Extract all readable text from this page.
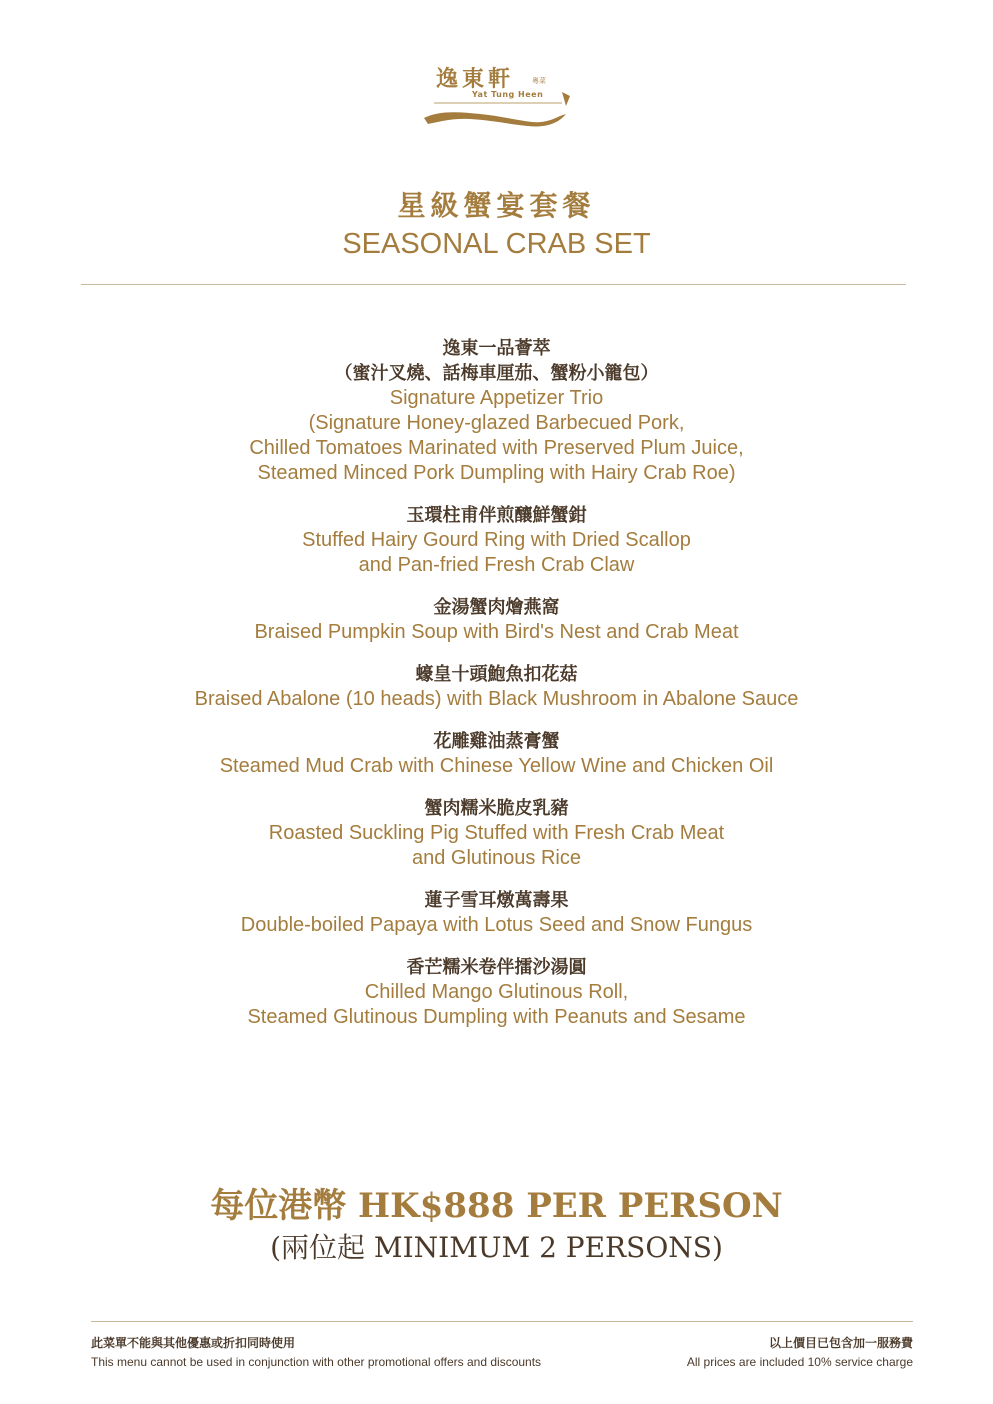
逸東軒	粵菜
Yat Tung Heen
星級蟹宴套餐
SEASONAL CRAB SET
逸東一品薈萃
（蜜汁叉燒、話梅車厘茄、蟹粉小籠包）
Signature Appetizer Trio
(Signature Honey-glazed Barbecued Pork,
Chilled Tomatoes Marinated with Preserved Plum Juice,
Steamed Minced Pork Dumpling with Hairy Crab Roe)
玉環柱甫伴煎釀鮮蟹鉗
Stuffed Hairy Gourd Ring with Dried Scallop
and Pan-fried Fresh Crab Claw
金湯蟹肉燴燕窩
Braised Pumpkin Soup with Bird's Nest and Crab Meat
蠔皇十頭鮑魚扣花菇
Braised Abalone (10 heads) with Black Mushroom in Abalone Sauce
花雕雞油蒸膏蟹
Steamed Mud Crab with Chinese Yellow Wine and Chicken Oil
蟹肉糯米脆皮乳豬
Roasted Suckling Pig Stuffed with Fresh Crab Meat
and Glutinous Rice
蓮子雪耳燉萬壽果
Double-boiled Papaya with Lotus Seed and Snow Fungus
香芒糯米卷伴擂沙湯圓
Chilled Mango Glutinous Roll,
Steamed Glutinous Dumpling with Peanuts and Sesame
每位港幣 HK$888 PER PERSON
(兩位起 MINIMUM 2 PERSONS)
此菜單不能與其他優惠或折扣同時使用
This menu cannot be used in conjunction with other promotional offers and discounts
以上價目已包含加一服務費
All prices are included 10% service charge
